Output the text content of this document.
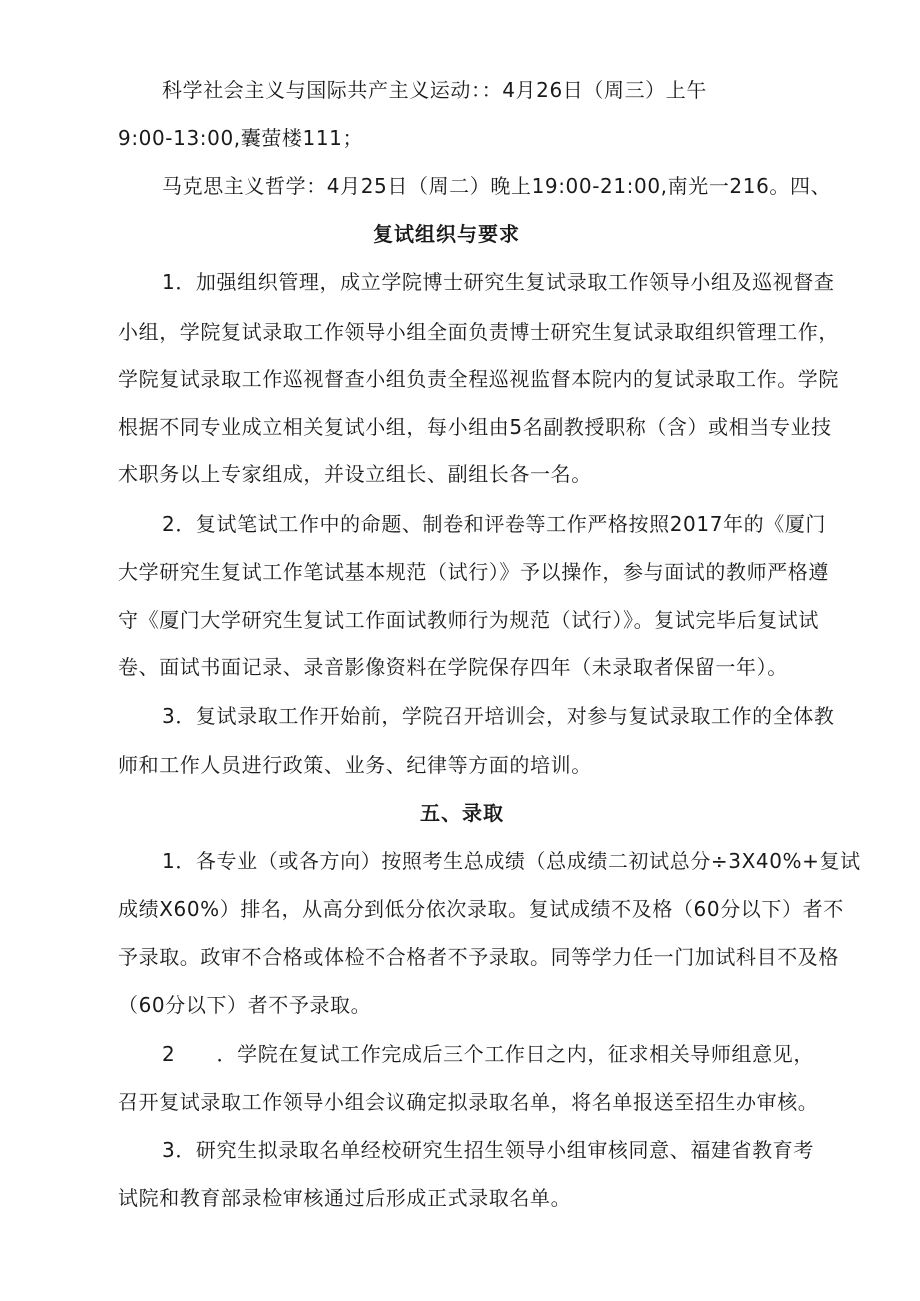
科学社会主义与国际共产主义运动：：4月26日（周三）上午
9:00-13:00,囊萤楼111；
马克思主义哲学：4月25日（周二）晚上19:00-21:00,南光一216。四、
复试组织与要求
1．加强组织管理，成立学院博士研究生复试录取工作领导小组及巡视督查
小组，学院复试录取工作领导小组全面负责博士研究生复试录取组织管理工作，
学院复试录取工作巡视督查小组负责全程巡视监督本院内的复试录取工作。学院
根据不同专业成立相关复试小组，每小组由5名副教授职称（含）或相当专业技
术职务以上专家组成，并设立组长、副组长各一名。
2．复试笔试工作中的命题、制卷和评卷等工作严格按照2017年的《厦门
大学研究生复试工作笔试基本规范（试行）》予以操作，参与面试的教师严格遵
守《厦门大学研究生复试工作面试教师行为规范（试行）》。复试完毕后复试试
卷、面试书面记录、录音影像资料在学院保存四年（未录取者保留一年）。
3．复试录取工作开始前，学院召开培训会，对参与复试录取工作的全体教
师和工作人员进行政策、业务、纪律等方面的培训。
五、录取
1．各专业（或各方向）按照考生总成绩（总成绩二初试总分÷3X40%+复试
成绩X60%）排名，从高分到低分依次录取。复试成绩不及格（60分以下）者不
予录取。政审不合格或体检不合格者不予录取。同等学力任一门加试科目不及格
（60分以下）者不予录取。
2　　．学院在复试工作完成后三个工作日之内，征求相关导师组意见，
召开复试录取工作领导小组会议确定拟录取名单，将名单报送至招生办审核。
3．研究生拟录取名单经校研究生招生领导小组审核同意、福建省教育考
试院和教育部录检审核通过后形成正式录取名单。
